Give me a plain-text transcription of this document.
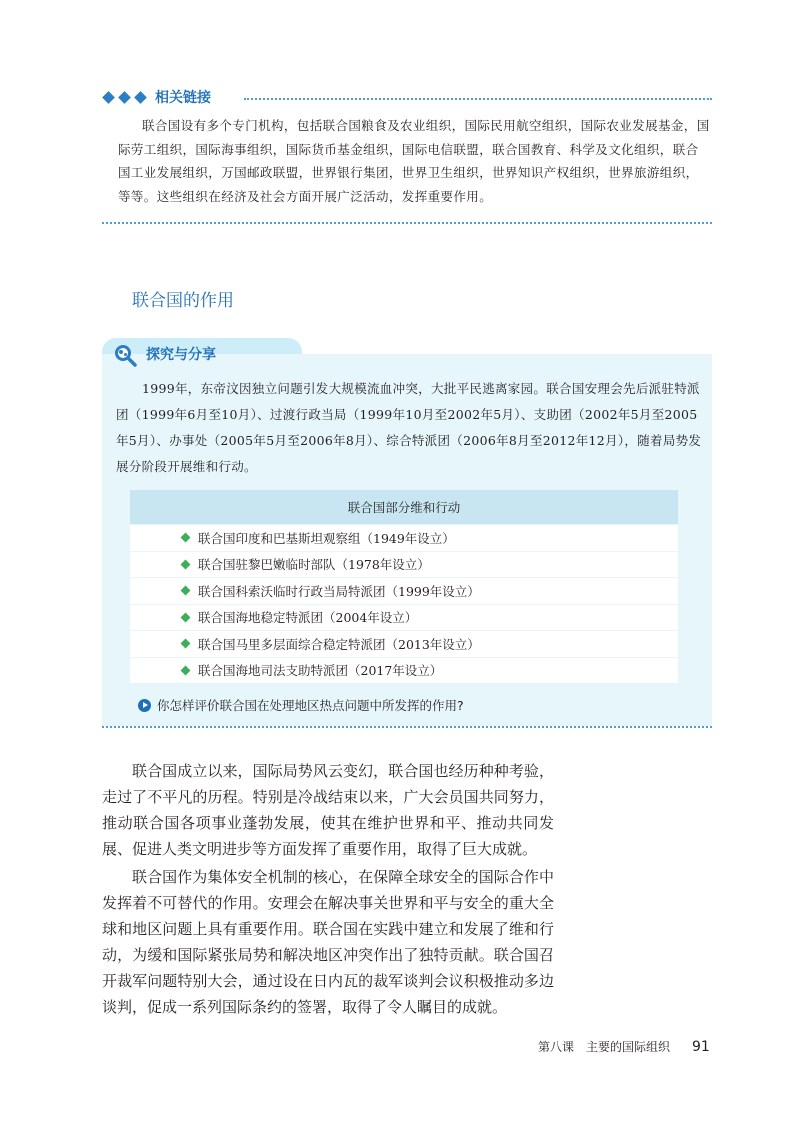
相关链接
联合国设有多个专门机构，包括联合国粮食及农业组织，国际民用航空组织，国际农业发展基金，国际劳工组织，国际海事组织，国际货币基金组织，国际电信联盟，联合国教育、科学及文化组织，联合国工业发展组织，万国邮政联盟，世界银行集团，世界卫生组织，世界知识产权组织，世界旅游组织，等等。这些组织在经济及社会方面开展广泛活动，发挥重要作用。
联合国的作用
探究与分享
1999年，东帝汶因独立问题引发大规模流血冲突，大批平民逃离家园。联合国安理会先后派驻特派团（1999年6月至10月）、过渡行政当局（1999年10月至2002年5月）、支助团（2002年5月至2005年5月）、办事处（2005年5月至2006年8月）、综合特派团（2006年8月至2012年12月），随着局势发展分阶段开展维和行动。
联合国部分维和行动
联合国印度和巴基斯坦观察组（1949年设立）
联合国驻黎巴嫩临时部队（1978年设立）
联合国科索沃临时行政当局特派团（1999年设立）
联合国海地稳定特派团（2004年设立）
联合国马里多层面综合稳定特派团（2013年设立）
联合国海地司法支助特派团（2017年设立）
你怎样评价联合国在处理地区热点问题中所发挥的作用?

联合国成立以来，国际局势风云变幻，联合国也经历种种考验，走过了不平凡的历程。特别是冷战结束以来，广大会员国共同努力，推动联合国各项事业蓬勃发展，使其在维护世界和平、推动共同发展、促进人类文明进步等方面发挥了重要作用，取得了巨大成就。

联合国作为集体安全机制的核心，在保障全球安全的国际合作中发挥着不可替代的作用。安理会在解决事关世界和平与安全的重大全球和地区问题上具有重要作用。联合国在实践中建立和发展了维和行动，为缓和国际紧张局势和解决地区冲突作出了独特贡献。联合国召开裁军问题特别大会，通过设在日内瓦的裁军谈判会议积极推动多边谈判，促成一系列国际条约的签署，取得了令人瞩目的成就。

第八课　主要的国际组织 91
